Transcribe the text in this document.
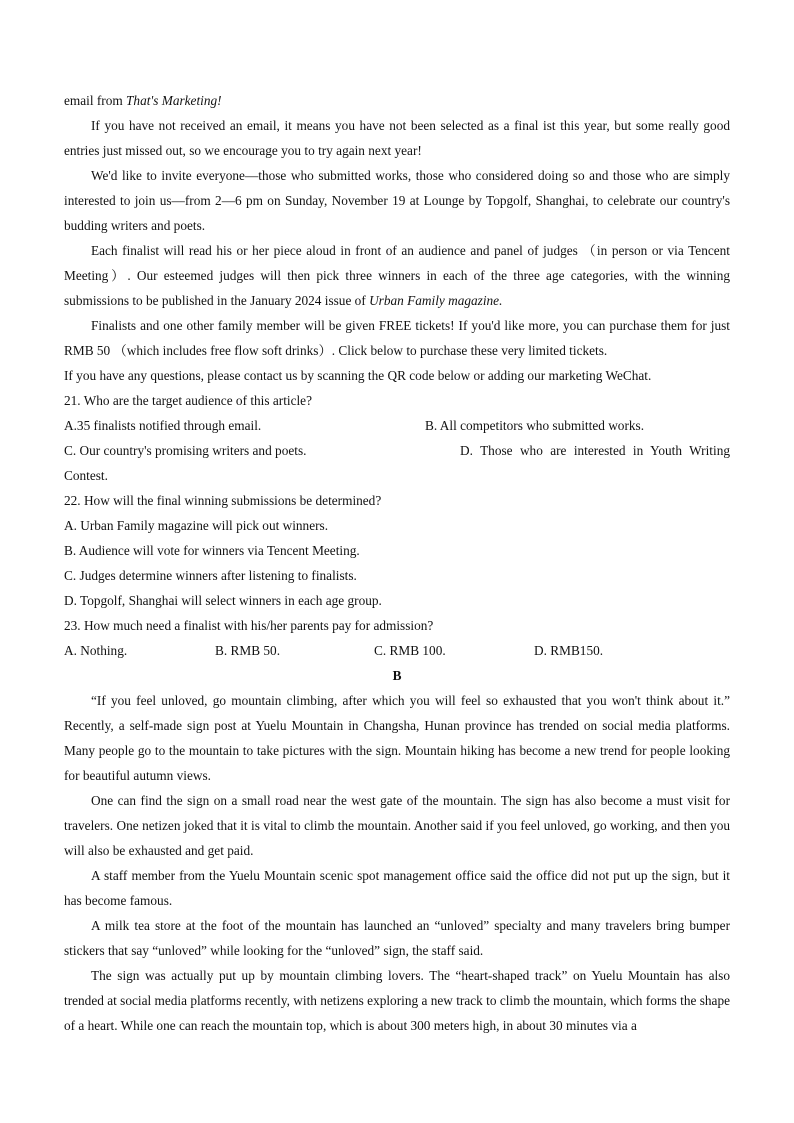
email from That's Marketing!

If you have not received an email, it means you have not been selected as a final ist this year, but some really good entries just missed out, so we encourage you to try again next year!

We'd like to invite everyone—those who submitted works, those who considered doing so and those who are simply interested to join us—from 2—6 pm on Sunday, November 19 at Lounge by Topgolf, Shanghai, to celebrate our country's budding writers and poets.

Each finalist will read his or her piece aloud in front of an audience and panel of judges （in person or via Tencent Meeting）. Our esteemed judges will then pick three winners in each of the three age categories, with the winning submissions to be published in the January 2024 issue of Urban Family magazine.

Finalists and one other family member will be given FREE tickets! If you'd like more, you can purchase them for just RMB 50 （which includes free flow soft drinks）. Click below to purchase these very limited tickets.

If you have any questions, please contact us by scanning the QR code below or adding our marketing WeChat.

21. Who are the target audience of this article?

A.35 finalists notified through email.	B. All competitors who submitted works.
C. Our country's promising writers and poets.	D. Those who are interested in Youth Writing Contest.

22. How will the final winning submissions be determined?

A. Urban Family magazine will pick out winners.

B. Audience will vote for winners via Tencent Meeting.

C. Judges determine winners after listening to finalists.

D. Topgolf, Shanghai will select winners in each age group.

23. How much need a finalist with his/her parents pay for admission?

A. Nothing.	B. RMB 50.	C. RMB 100.	D. RMB150.

B

“If you feel unloved, go mountain climbing, after which you will feel so exhausted that you won't think about it.” Recently, a self-made sign post at Yuelu Mountain in Changsha, Hunan province has trended on social media platforms. Many people go to the mountain to take pictures with the sign. Mountain hiking has become a new trend for people looking for beautiful autumn views.

One can find the sign on a small road near the west gate of the mountain. The sign has also become a must visit for travelers. One netizen joked that it is vital to climb the mountain. Another said if you feel unloved, go working, and then you will also be exhausted and get paid.

A staff member from the Yuelu Mountain scenic spot management office said the office did not put up the sign, but it has become famous.

A milk tea store at the foot of the mountain has launched an “unloved” specialty and many travelers bring bumper stickers that say “unloved” while looking for the “unloved” sign, the staff said.

The sign was actually put up by mountain climbing lovers. The “heart-shaped track” on Yuelu Mountain has also trended at social media platforms recently, with netizens exploring a new track to climb the mountain, which forms the shape of a heart. While one can reach the mountain top, which is about 300 meters high, in about 30 minutes via a
